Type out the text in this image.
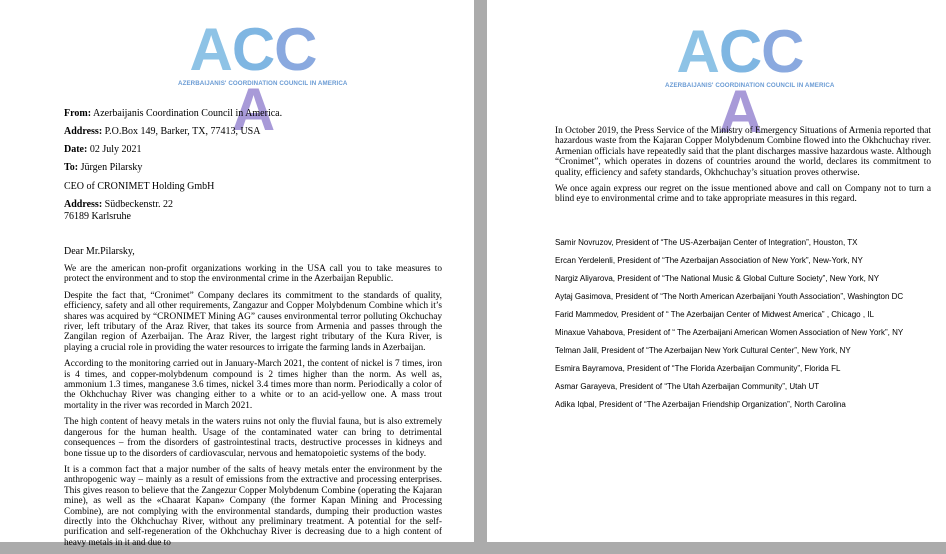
ACCA
AZERBAIJANIS' COORDINATION COUNCIL IN AMERICA
From: Azerbaijanis Coordination Council in America.
Address: P.O.Box 149, Barker, TX, 77413, USA
Date: 02 July 2021
To: Jürgen Pilarsky
CEO of CRONIMET Holding GmbH
Address: Südbeckenstr. 22
76189 Karlsruhe
Dear Mr.Pilarsky,

We are the american non-profit organizations working in the USA call you to take measures to protect the environment and to stop the environmental crime in the Azerbaijan Republic.

Despite the fact that, “Cronimet” Company declares its commitment to the standards of quality, efficiency, safety and all other requirements, Zangazur and Copper Molybdenum Combine which it’s shares was acquired by “CRONIMET Mining AG” causes environmental terror polluting Okchuchay river, left tributary of the Araz River, that takes its source from Armenia and passes through the Zangilan region of Azerbaijan. The Araz River, the largest right tributary of the Kura River, is playing a crucial role in providing the water resources to irrigate the farming lands in Azerbaijan.

According to the monitoring carried out in January-March 2021, the content of nickel is 7 times, iron is 4 times, and copper-molybdenum compound is 2 times higher than the norm. As well as, ammonium 1.3 times, manganese 3.6 times, nickel 3.4 times more than norm. Periodically a color of the Okhchuchay River was changing either to a white or to an acid-yellow one. A mass trout mortality in the river was recorded in March 2021.

The high content of heavy metals in the waters ruins not only the fluvial fauna, but is also extremely dangerous for the human health. Usage of the contaminated water can bring to detrimental consequences – from the disorders of gastrointestinal tracts, destructive processes in kidneys and bone tissue up to the disorders of cardiovascular, nervous and hematopoietic systems of the body.

It is a common fact that a major number of the salts of heavy metals enter the environment by the anthropogenic way – mainly as a result of emissions from the extractive and processing enterprises. This gives reason to believe that the Zangezur Copper Molybdenum Combine (operating the Kajaran mine), as well as the «Chaarat Kapan» Company (the former Kapan Mining and Processing Combine), are not complying with the environmental standards, dumping their production wastes directly into the Okhchuchay River, without any preliminary treatment. A potential for the self-purification and self-regeneration of the Okhchuchay River is decreasing due to a high content of heavy metals in it and due to

ACCA
AZERBAIJANIS' COORDINATION COUNCIL IN AMERICA

In October 2019, the Press Service of the Ministry of Emergency Situations of Armenia reported that hazardous waste from the Kajaran Copper Molybdenum Combine flowed into the Okhchuchay river. Armenian officials have repeatedly said that the plant discharges massive hazardous waste. Although “Cronimet”, which operates in dozens of countries around the world, declares its commitment to quality, efficiency and safety standards, Okhchuchay’s situation proves otherwise.

We once again express our regret on the issue mentioned above and call on Company not to turn a blind eye to environmental crime and to take appropriate measures in this regard.

Samir Novruzov, President of “The US-Azerbaijan Center of Integration”, Houston, TX
Ercan Yerdelenli, President of “The Azerbaijan Association of New York”, New-York, NY
Nargiz Aliyarova, President of “The National Music & Global Culture Society”, New York, NY
Aytaj Gasimova, President of “The North American Azerbaijani Youth Association”, Washington DC
Farid Mammedov, President of “ The Azerbaijan Center of Midwest America” , Chicago , IL
Minaxue Vahabova, President of “ The Azerbaijani American Women Association of New York”, NY
Telman Jalil, President of “The Azerbaijan New York Cultural Center”, New York, NY
Esmira Bayramova, President of “The Florida Azerbaijan Community”, Florida FL
Asmar Garayeva, President of “The Utah Azerbaijan Community”, Utah UT
Adika Iqbal, President of “The Azerbaijan Friendship Organization”, North Carolina
